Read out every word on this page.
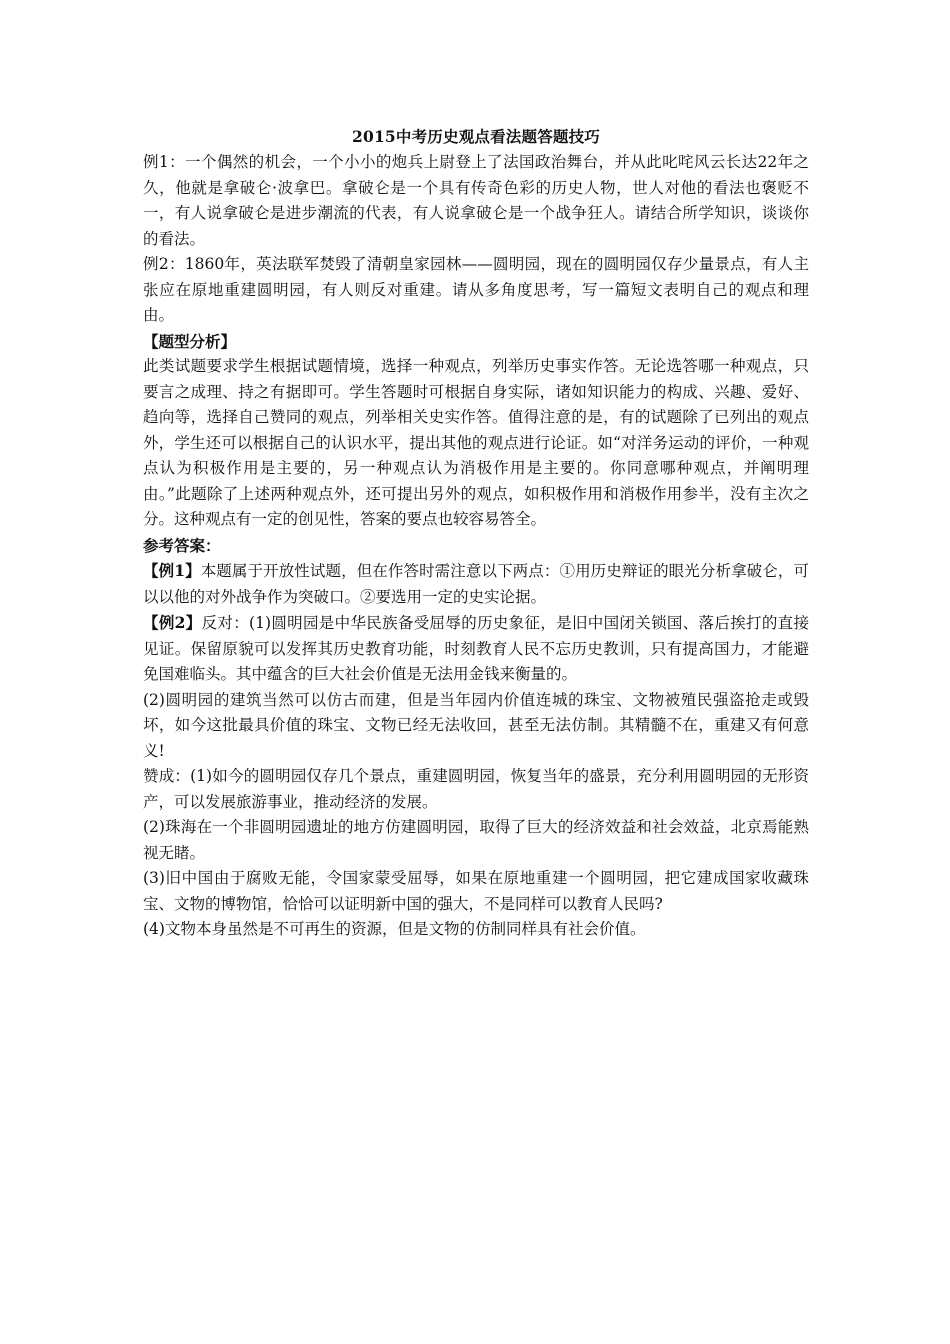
2015中考历史观点看法题答题技巧

例1：一个偶然的机会，一个小小的炮兵上尉登上了法国政治舞台，并从此叱咤风云长达22年之久，他就是拿破仑·波拿巴。拿破仑是一个具有传奇色彩的历史人物，世人对他的看法也褒贬不一，有人说拿破仑是进步潮流的代表，有人说拿破仑是一个战争狂人。请结合所学知识，谈谈你的看法。

例2：1860年，英法联军焚毁了清朝皇家园林——圆明园，现在的圆明园仅存少量景点，有人主张应在原地重建圆明园，有人则反对重建。请从多角度思考，写一篇短文表明自己的观点和理由。

【题型分析】

此类试题要求学生根据试题情境，选择一种观点，列举历史事实作答。无论选答哪一种观点，只要言之成理、持之有据即可。学生答题时可根据自身实际，诸如知识能力的构成、兴趣、爱好、趋向等，选择自己赞同的观点，列举相关史实作答。值得注意的是，有的试题除了已列出的观点外，学生还可以根据自己的认识水平，提出其他的观点进行论证。如“对洋务运动的评价，一种观点认为积极作用是主要的，另一种观点认为消极作用是主要的。你同意哪种观点，并阐明理由。”此题除了上述两种观点外，还可提出另外的观点，如积极作用和消极作用参半，没有主次之分。这种观点有一定的创见性，答案的要点也较容易答全。

参考答案：

【例1】本题属于开放性试题，但在作答时需注意以下两点：①用历史辩证的眼光分析拿破仑，可以以他的对外战争作为突破口。②要选用一定的史实论据。

【例2】反对：(1)圆明园是中华民族备受屈辱的历史象征，是旧中国闭关锁国、落后挨打的直接见证。保留原貌可以发挥其历史教育功能，时刻教育人民不忘历史教训，只有提高国力，才能避免国难临头。其中蕴含的巨大社会价值是无法用金钱来衡量的。

(2)圆明园的建筑当然可以仿古而建，但是当年园内价值连城的珠宝、文物被殖民强盗抢走或毁坏，如今这批最具价值的珠宝、文物已经无法收回，甚至无法仿制。其精髓不在，重建又有何意义!

赞成：(1)如今的圆明园仅存几个景点，重建圆明园，恢复当年的盛景，充分利用圆明园的无形资产，可以发展旅游事业，推动经济的发展。

(2)珠海在一个非圆明园遗址的地方仿建圆明园，取得了巨大的经济效益和社会效益，北京焉能熟视无睹。

(3)旧中国由于腐败无能，令国家蒙受屈辱，如果在原地重建一个圆明园，把它建成国家收藏珠宝、文物的博物馆，恰恰可以证明新中国的强大，不是同样可以教育人民吗?

(4)文物本身虽然是不可再生的资源，但是文物的仿制同样具有社会价值。
